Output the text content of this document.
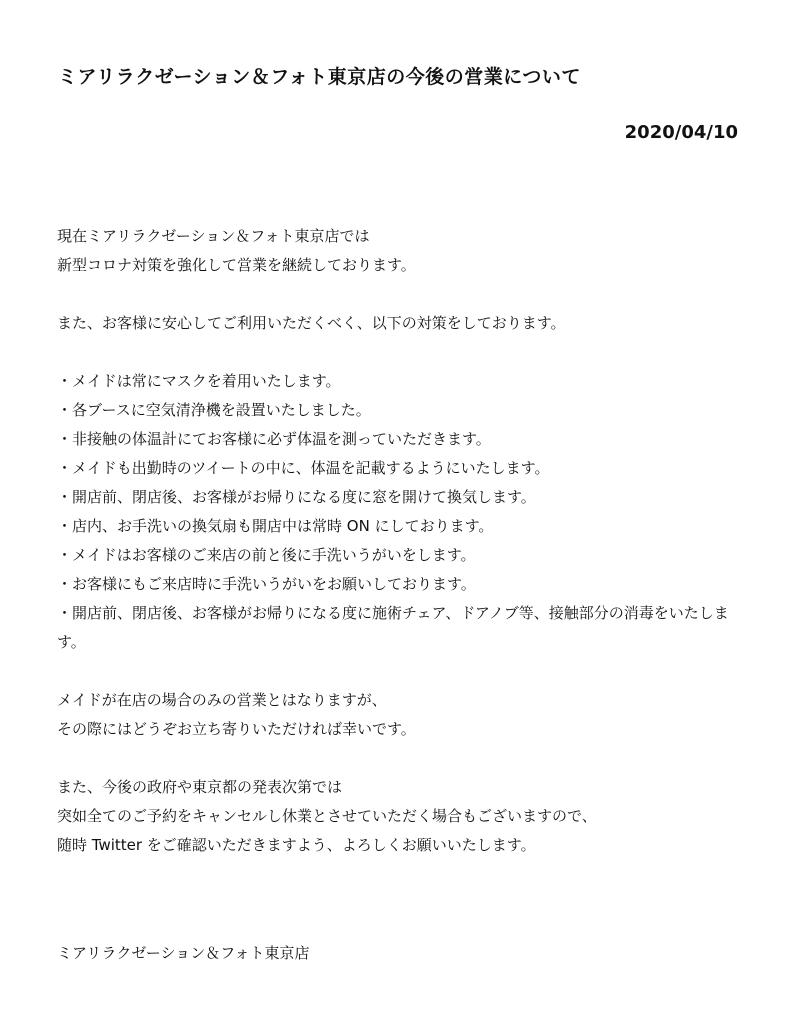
ミアリラクゼーション＆フォト東京店の今後の営業について
2020/04/10
現在ミアリラクゼーション＆フォト東京店では
新型コロナ対策を強化して営業を継続しております。
また、お客様に安心してご利用いただくべく、以下の対策をしております。
・メイドは常にマスクを着用いたします。
・各ブースに空気清浄機を設置いたしました。
・非接触の体温計にてお客様に必ず体温を測っていただきます。
・メイドも出勤時のツイートの中に、体温を記載するようにいたします。
・開店前、閉店後、お客様がお帰りになる度に窓を開けて換気します。
・店内、お手洗いの換気扇も開店中は常時 ON にしております。
・メイドはお客様のご来店の前と後に手洗いうがいをします。
・お客様にもご来店時に手洗いうがいをお願いしております。
・開店前、閉店後、お客様がお帰りになる度に施術チェア、ドアノブ等、接触部分の消毒をいたします。
メイドが在店の場合のみの営業とはなりますが、
その際にはどうぞお立ち寄りいただければ幸いです。
また、今後の政府や東京都の発表次第では
突如全てのご予約をキャンセルし休業とさせていただく場合もございますので、
随時 Twitter をご確認いただきますよう、よろしくお願いいたします。
ミアリラクゼーション＆フォト東京店
